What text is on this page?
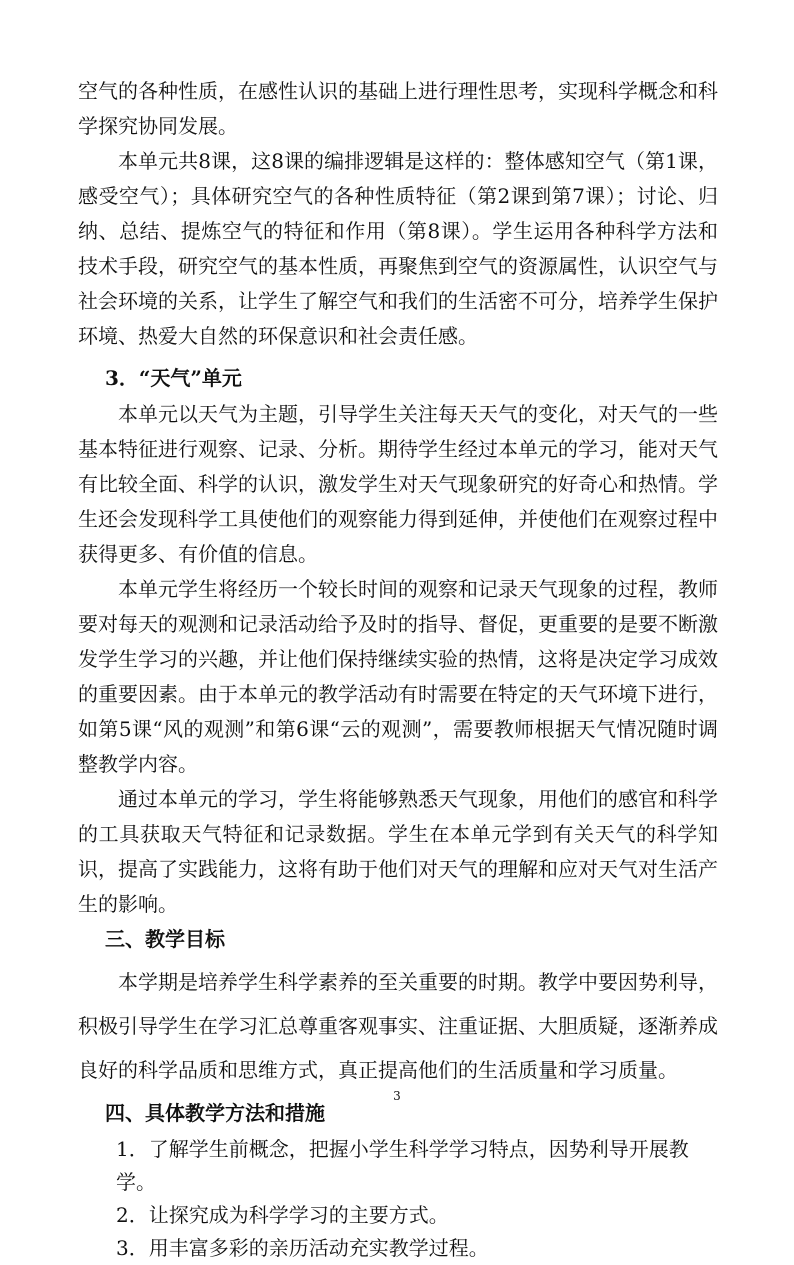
空气的各种性质，在感性认识的基础上进行理性思考，实现科学概念和科学探究协同发展。

本单元共8课，这8课的编排逻辑是这样的：整体感知空气（第1课，感受空气）；具体研究空气的各种性质特征（第2课到第7课）；讨论、归纳、总结、提炼空气的特征和作用（第8课）。学生运用各种科学方法和技术手段，研究空气的基本性质，再聚焦到空气的资源属性，认识空气与社会环境的关系，让学生了解空气和我们的生活密不可分，培养学生保护环境、热爱大自然的环保意识和社会责任感。

3．“天气”单元

本单元以天气为主题，引导学生关注每天天气的变化，对天气的一些基本特征进行观察、记录、分析。期待学生经过本单元的学习，能对天气有比较全面、科学的认识，激发学生对天气现象研究的好奇心和热情。学生还会发现科学工具使他们的观察能力得到延伸，并使他们在观察过程中获得更多、有价值的信息。

本单元学生将经历一个较长时间的观察和记录天气现象的过程，教师要对每天的观测和记录活动给予及时的指导、督促，更重要的是要不断激发学生学习的兴趣，并让他们保持继续实验的热情，这将是决定学习成效的重要因素。由于本单元的教学活动有时需要在特定的天气环境下进行，如第5课“风的观测”和第6课“云的观测”，需要教师根据天气情况随时调整教学内容。

通过本单元的学习，学生将能够熟悉天气现象，用他们的感官和科学的工具获取天气特征和记录数据。学生在本单元学到有关天气的科学知识，提高了实践能力，这将有助于他们对天气的理解和应对天气对生活产生的影响。

三、教学目标

本学期是培养学生科学素养的至关重要的时期。教学中要因势利导，积极引导学生在学习汇总尊重客观事实、注重证据、大胆质疑，逐渐养成良好的科学品质和思维方式，真正提高他们的生活质量和学习质量。

四、具体教学方法和措施

1．了解学生前概念，把握小学生科学学习特点，因势利导开展教学。

2．让探究成为科学学习的主要方式。

3．用丰富多彩的亲历活动充实教学过程。

3
